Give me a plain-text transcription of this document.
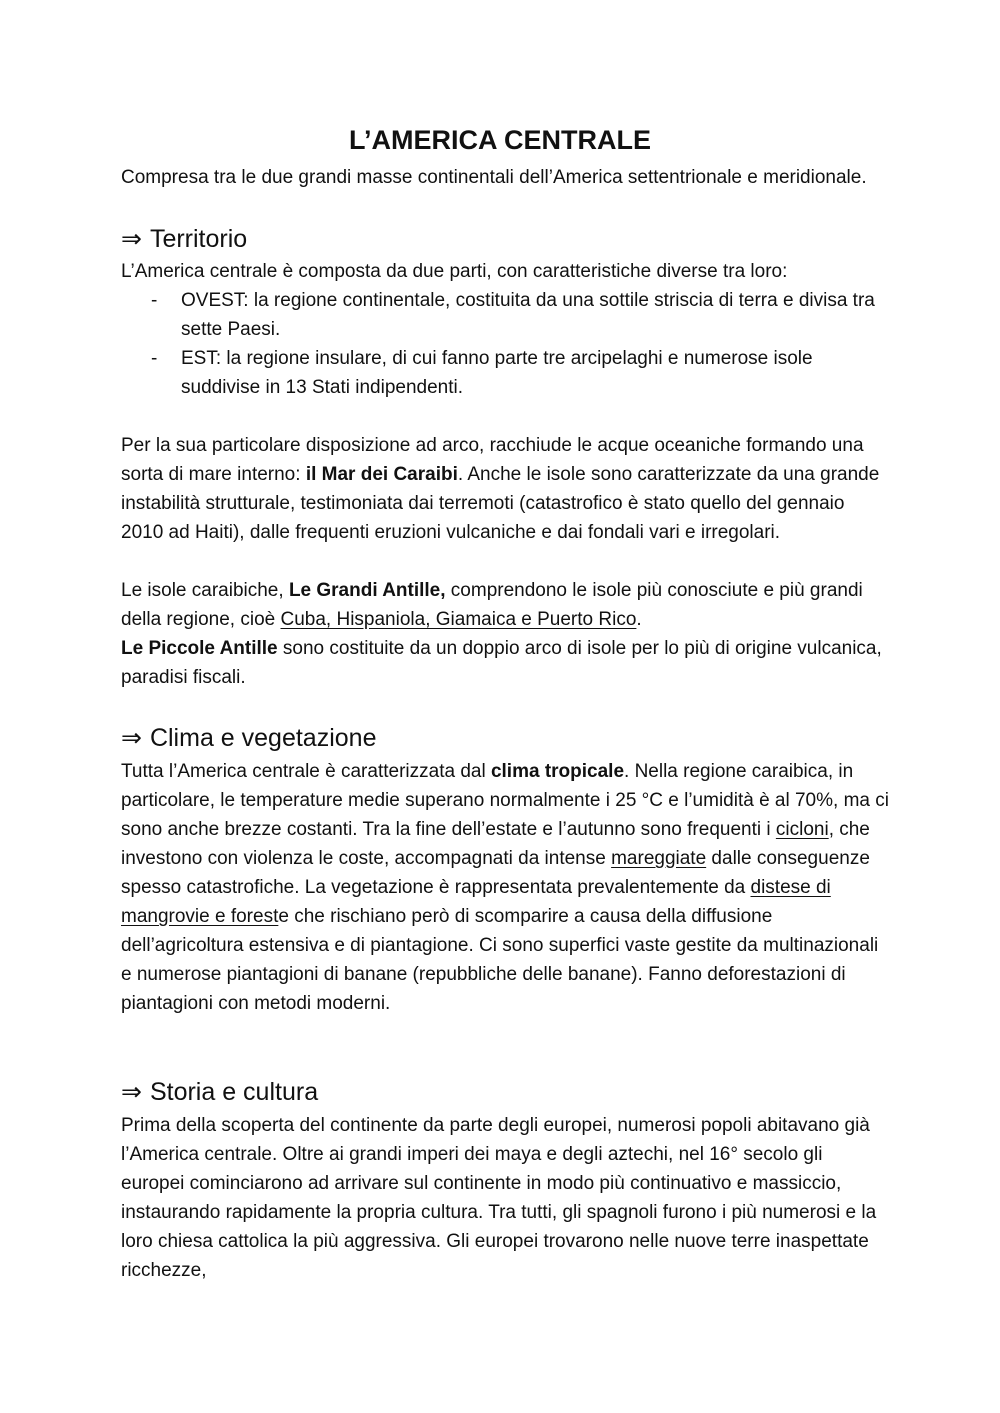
L’AMERICA CENTRALE

Compresa tra le due grandi masse continentali dell’America settentrionale e meridionale.

⇒ Territorio

L’America centrale è composta da due parti, con caratteristiche diverse tra loro:

- OVEST: la regione continentale, costituita da una sottile striscia di terra e divisa tra sette Paesi.
- EST: la regione insulare, di cui fanno parte tre arcipelaghi e numerose isole suddivise in 13 Stati indipendenti.

Per la sua particolare disposizione ad arco, racchiude le acque oceaniche formando una sorta di mare interno: il Mar dei Caraibi. Anche le isole sono caratterizzate da una grande instabilità strutturale, testimoniata dai terremoti (catastrofico è stato quello del gennaio 2010 ad Haiti), dalle frequenti eruzioni vulcaniche e dai fondali vari e irregolari.

Le isole caraibiche, Le Grandi Antille, comprendono le isole più conosciute e più grandi della regione, cioè Cuba, Hispaniola, Giamaica e Puerto Rico.

Le Piccole Antille sono costituite da un doppio arco di isole per lo più di origine vulcanica, paradisi fiscali.

⇒ Clima e vegetazione

Tutta l’America centrale è caratterizzata dal clima tropicale. Nella regione caraibica, in particolare, le temperature medie superano normalmente i 25 °C e l’umidità è al 70%, ma ci sono anche brezze costanti. Tra la fine dell’estate e l’autunno sono frequenti i cicloni, che investono con violenza le coste, accompagnati da intense mareggiate dalle conseguenze spesso catastrofiche. La vegetazione è rappresentata prevalentemente da distese di mangrovie e foreste che rischiano però di scomparire a causa della diffusione dell’agricoltura estensiva e di piantagione. Ci sono superfici vaste gestite da multinazionali e numerose piantagioni di banane (repubbliche delle banane). Fanno deforestazioni di piantagioni con metodi moderni.

⇒ Storia e cultura

Prima della scoperta del continente da parte degli europei, numerosi popoli abitavano già l’America centrale. Oltre ai grandi imperi dei maya e degli aztechi, nel 16° secolo gli europei cominciarono ad arrivare sul continente in modo più continuativo e massiccio, instaurando rapidamente la propria cultura. Tra tutti, gli spagnoli furono i più numerosi e la loro chiesa cattolica la più aggressiva. Gli europei trovarono nelle nuove terre inaspettate ricchezze,
